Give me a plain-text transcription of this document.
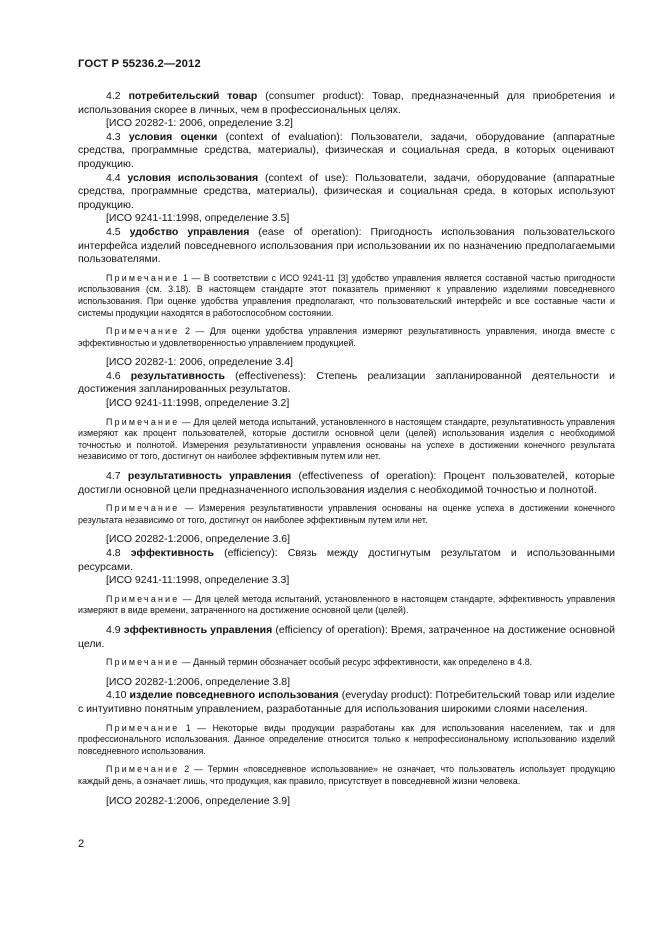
ГОСТ Р 55236.2—2012

4.2 потребительский товар (consumer product): Товар, предназначенный для приобретения и использования скорее в личных, чем в профессиональных целях.

[ИСО 20282-1: 2006, определение 3.2]

4.3 условия оценки (context of evaluation): Пользователи, задачи, оборудование (аппаратные средства, программные средства, материалы), физическая и социальная среда, в которых оценивают продукцию.

4.4 условия использования (context of use): Пользователи, задачи, оборудование (аппаратные средства, программные средства, материалы), физическая и социальная среда, в которых используют продукцию.

[ИСО 9241-11:1998, определение 3.5]

4.5 удобство управления (ease of operation): Пригодность использования пользовательского интерфейса изделий повседневного использования при использовании их по назначению предполагаемыми пользователями.

Примечание 1 — В соответствии с ИСО 9241-11 [3] удобство управления является составной частью пригодности использования (см. 3.18). В настоящем стандарте этот показатель применяют к управлению изделиями повседневного использования. При оценке удобства управления предполагают, что пользовательский интерфейс и все составные части и системы продукции находятся в работоспособном состоянии.

Примечание 2 — Для оценки удобства управления измеряют результативность управления, иногда вместе с эффективностью и удовлетворенностью управлением продукцией.

[ИСО 20282-1: 2006, определение 3.4]

4.6 результативность (effectiveness): Степень реализации запланированной деятельности и достижения запланированных результатов.

[ИСО 9241-11:1998, определение 3.2]

Примечание — Для целей метода испытаний, установленного в настоящем стандарте, результативность управления измеряют как процент пользователей, которые достигли основной цели (целей) использования изделия с необходимой точностью и полнотой. Измерения результативности управления основаны на успехе в достижении конечного результата независимо от того, достигнут он наиболее эффективным путем или нет.

4.7 результативность управления (effectiveness of operation): Процент пользователей, которые достигли основной цели предназначенного использования изделия с необходимой точностью и полнотой.

Примечание — Измерения результативности управления основаны на оценке успеха в достижении конечного результата независимо от того, достигнут он наиболее эффективным путем или нет.

[ИСО 20282-1:2006, определение 3.6]

4.8 эффективность (efficiency): Связь между достигнутым результатом и использованными ресурсами.

[ИСО 9241-11:1998, определение 3.3]

Примечание — Для целей метода испытаний, установленного в настоящем стандарте, эффективность управления измеряют в виде времени, затраченного на достижение основной цели (целей).

4.9 эффективность управления (efficiency of operation): Время, затраченное на достижение основной цели.

Примечание — Данный термин обозначает особый ресурс эффективности, как определено в 4.8.

[ИСО 20282-1:2006, определение 3.8]

4.10 изделие повседневного использования (everyday product): Потребительский товар или изделие с интуитивно понятным управлением, разработанные для использования широкими слоями населения.

Примечание 1 — Некоторые виды продукции разработаны как для использования населением, так и для профессионального использования. Данное определение относится только к непрофессиональному использованию изделий повседневного использования.

Примечание 2 — Термин «повседневное использование» не означает, что пользователь использует продукцию каждый день, а означает лишь, что продукция, как правило, присутствует в повседневной жизни человека.

[ИСО 20282-1:2006, определение 3.9]

2
